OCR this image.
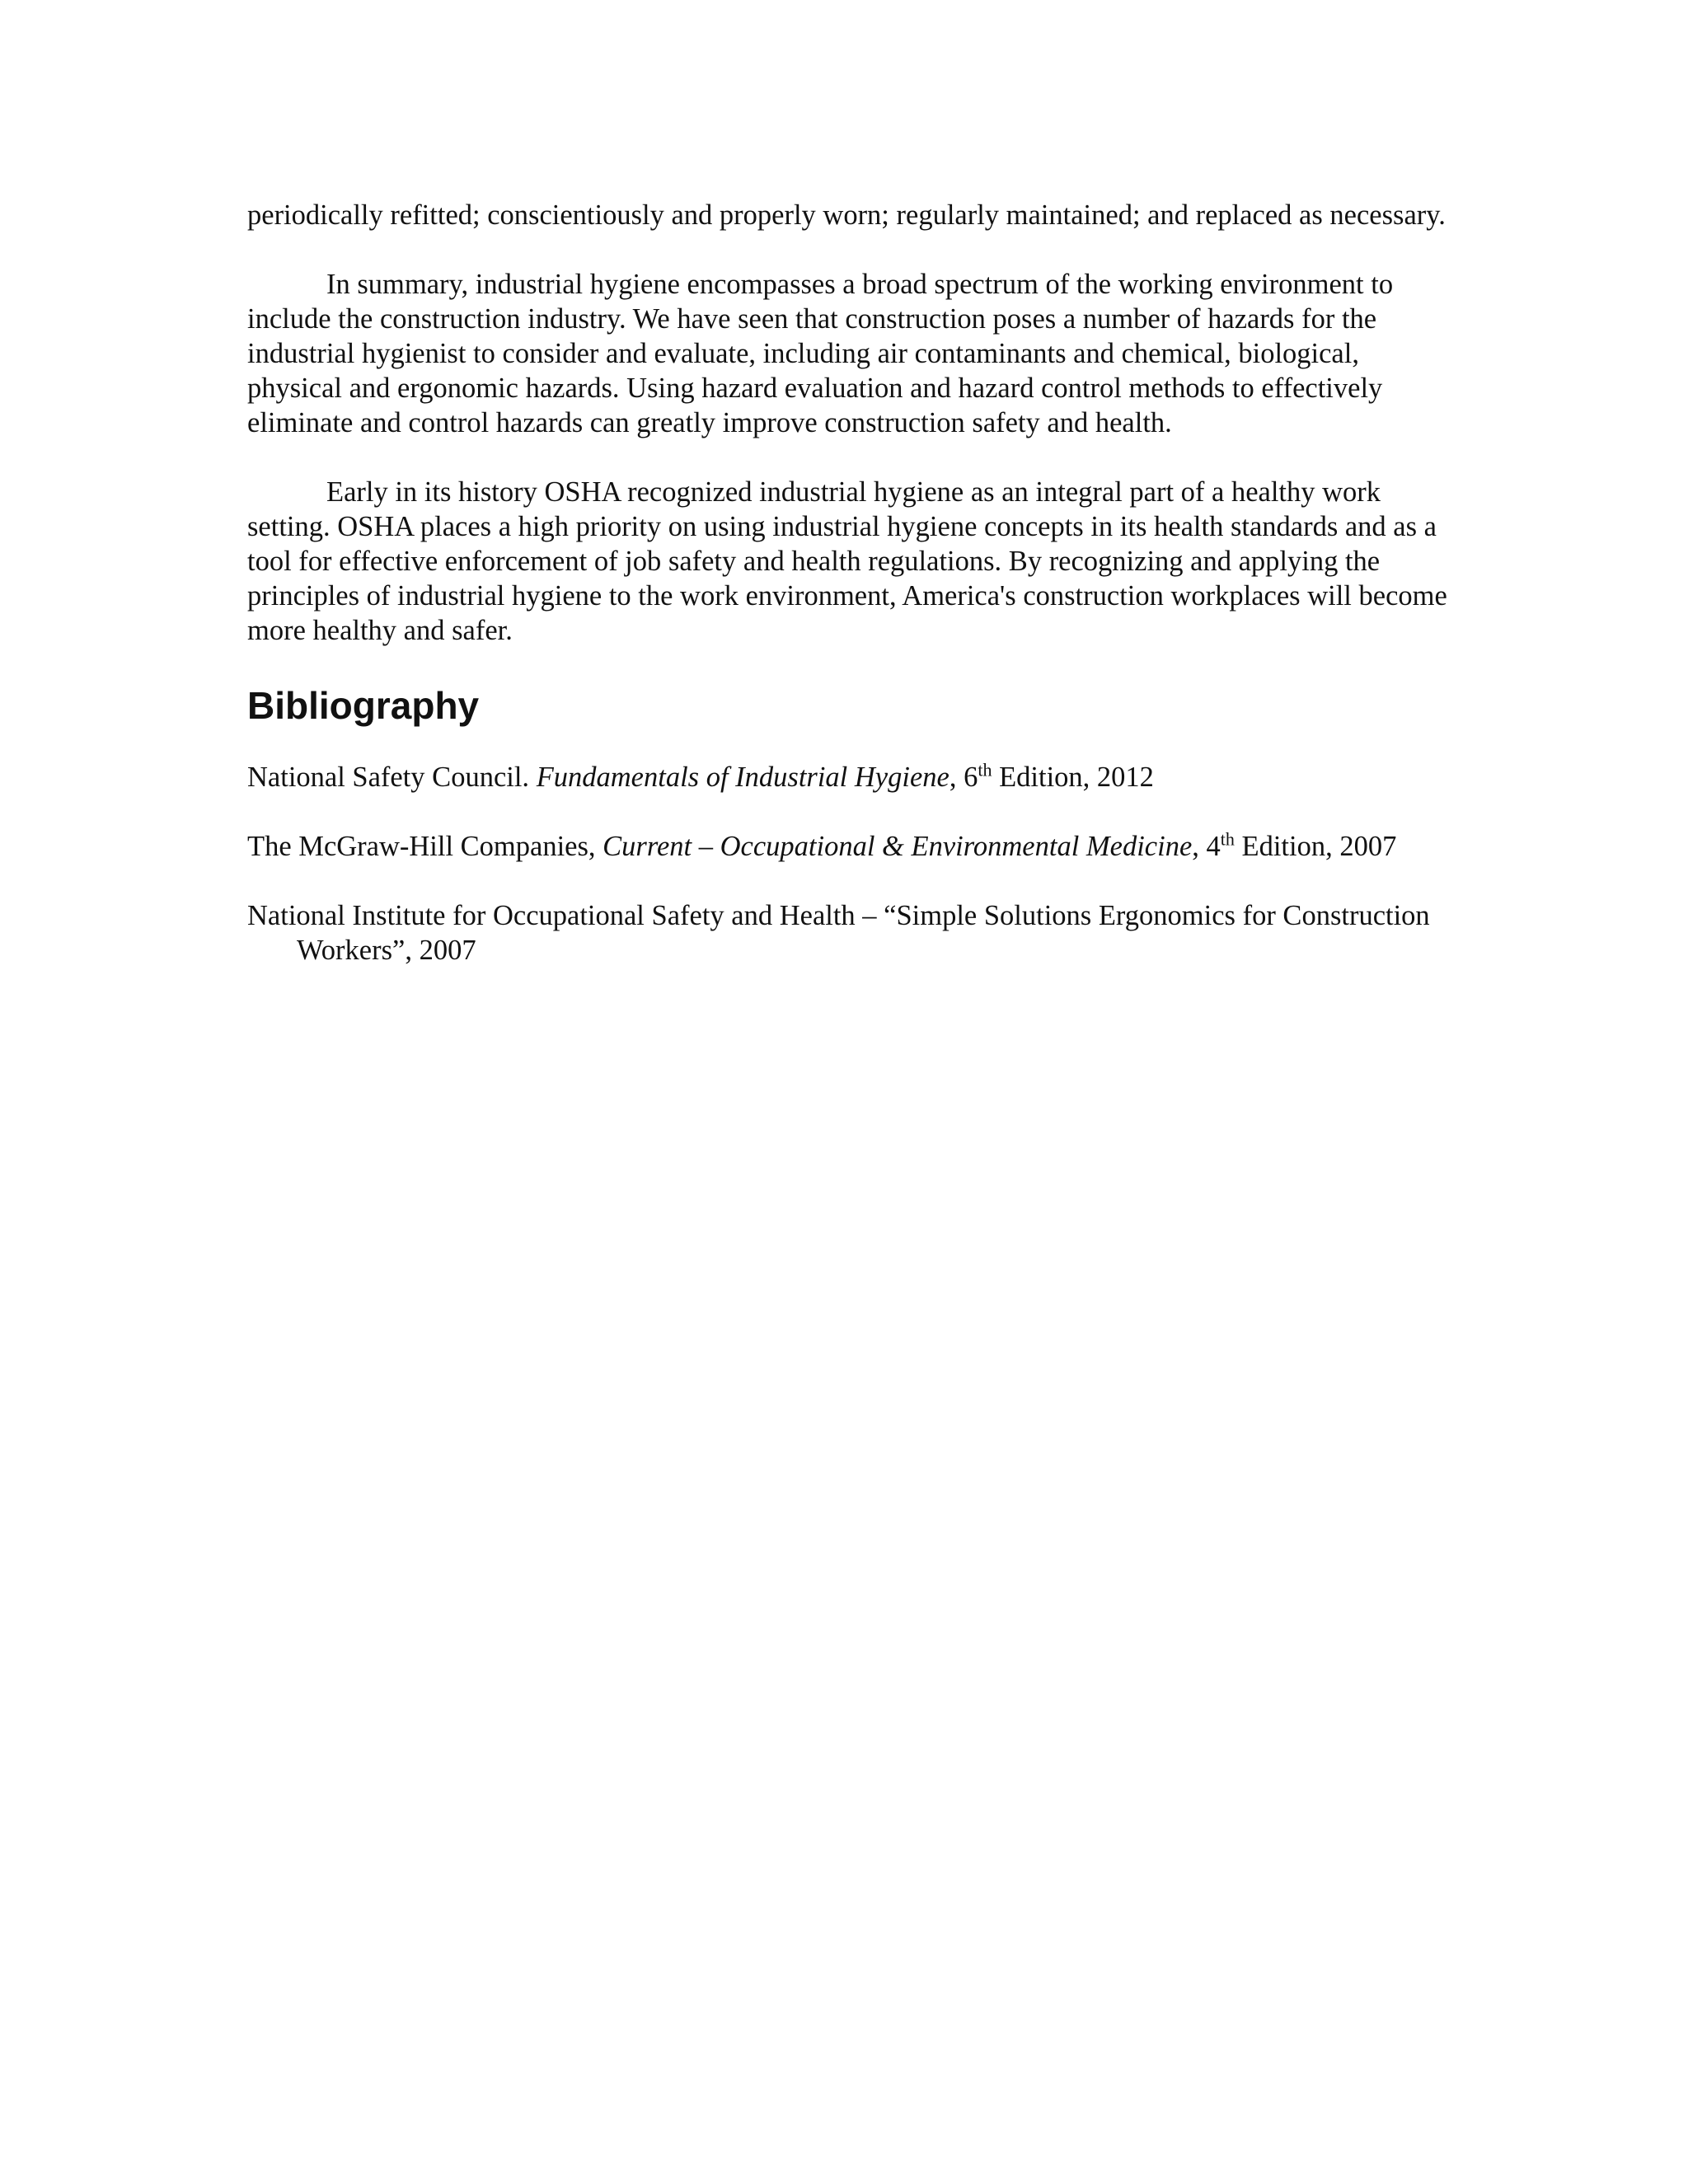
periodically refitted; conscientiously and properly worn; regularly maintained; and replaced as necessary.

In summary, industrial hygiene encompasses a broad spectrum of the working environment to include the construction industry. We have seen that construction poses a number of hazards for the industrial hygienist to consider and evaluate, including air contaminants and chemical, biological, physical and ergonomic hazards. Using hazard evaluation and hazard control methods to effectively eliminate and control hazards can greatly improve construction safety and health.

Early in its history OSHA recognized industrial hygiene as an integral part of a healthy work setting. OSHA places a high priority on using industrial hygiene concepts in its health standards and as a tool for effective enforcement of job safety and health regulations. By recognizing and applying the principles of industrial hygiene to the work environment, America's construction workplaces will become more healthy and safer.

Bibliography

National Safety Council. Fundamentals of Industrial Hygiene, 6th Edition, 2012

The McGraw-Hill Companies, Current – Occupational & Environmental Medicine, 4th Edition, 2007

National Institute for Occupational Safety and Health – “Simple Solutions Ergonomics for Construction Workers”, 2007
